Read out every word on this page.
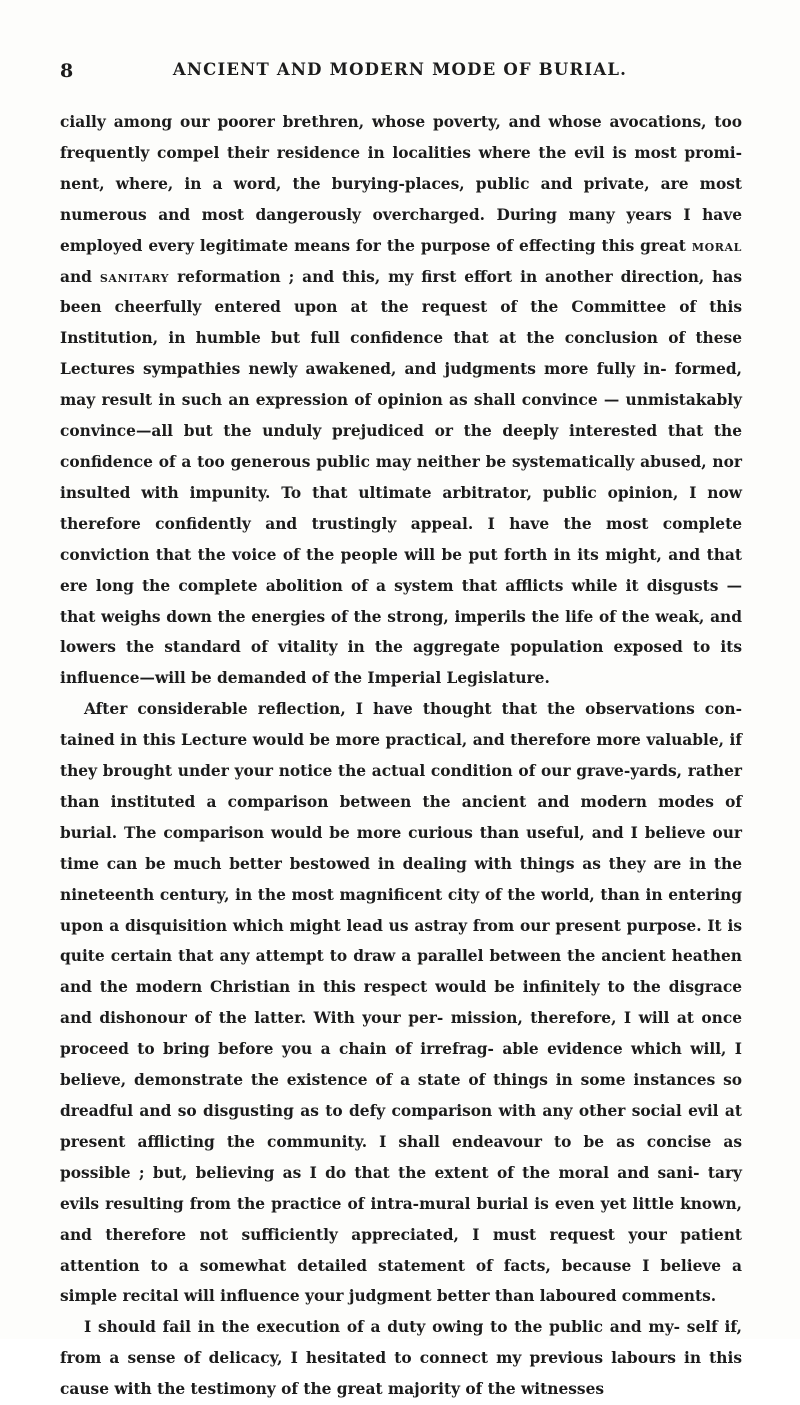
8	ANCIENT AND MODERN MODE OF BURIAL.

cially among our poorer brethren, whose poverty, and whose avocations, too frequently compel their residence in localities where the evil is most promi- nent, where, in a word, the burying-places, public and private, are most numerous and most dangerously overcharged. During many years I have employed every legitimate means for the purpose of effecting this great moral and sanitary reformation ; and this, my first effort in another direction, has been cheerfully entered upon at the request of the Committee of this Institution, in humble but full confidence that at the conclusion of these Lectures sympathies newly awakened, and judgments more fully in- formed, may result in such an expression of opinion as shall convince — unmistakably convince—all but the unduly prejudiced or the deeply interested that the confidence of a too generous public may neither be systematically abused, nor insulted with impunity. To that ultimate arbitrator, public opinion, I now therefore confidently and trustingly appeal. I have the most complete conviction that the voice of the people will be put forth in its might, and that ere long the complete abolition of a system that afflicts while it disgusts — that weighs down the energies of the strong, imperils the life of the weak, and lowers the standard of vitality in the aggregate population exposed to its influence—will be demanded of the Imperial Legislature.

After considerable reflection, I have thought that the observations con- tained in this Lecture would be more practical, and therefore more valuable, if they brought under your notice the actual condition of our grave-yards, rather than instituted a comparison between the ancient and modern modes of burial. The comparison would be more curious than useful, and I believe our time can be much better bestowed in dealing with things as they are in the nineteenth century, in the most magnificent city of the world, than in entering upon a disquisition which might lead us astray from our present purpose. It is quite certain that any attempt to draw a parallel between the ancient heathen and the modern Christian in this respect would be infinitely to the disgrace and dishonour of the latter. With your per- mission, therefore, I will at once proceed to bring before you a chain of irrefrag- able evidence which will, I believe, demonstrate the existence of a state of things in some instances so dreadful and so disgusting as to defy comparison with any other social evil at present afflicting the community. I shall endeavour to be as concise as possible ; but, believing as I do that the extent of the moral and sani- tary evils resulting from the practice of intra-mural burial is even yet little known, and therefore not sufficiently appreciated, I must request your patient attention to a somewhat detailed statement of facts, because I believe a simple recital will influence your judgment better than laboured comments.

I should fail in the execution of a duty owing to the public and my- self if, from a sense of delicacy, I hesitated to connect my previous labours in this cause with the testimony of the great majority of the witnesses
